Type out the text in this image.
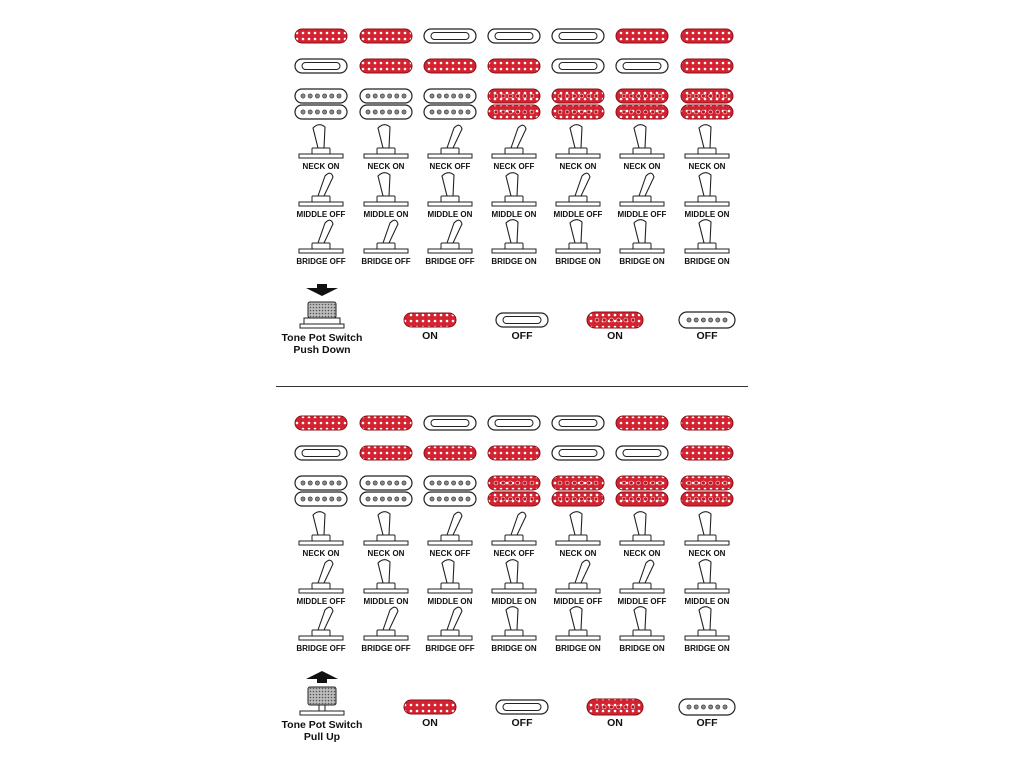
NECK ON	NECK ON	NECK OFF	NECK OFF	NECK ON	NECK ON	NECK ON
MIDDLE OFF MIDDLE ON MIDDLE ON MIDDLE ON MIDDLE OFF MIDDLE OFF MIDDLE ON
BRIDGE OFF BRIDGE OFF BRIDGE OFF BRIDGE ON BRIDGE ON BRIDGE ON BRIDGE ON
Tone Pot Switch
Push Down
ON	OFF	ON	OFF
NECK ON	NECK ON	NECK OFF	NECK OFF	NECK ON	NECK ON	NECK ON
MIDDLE OFF MIDDLE ON MIDDLE ON MIDDLE ON MIDDLE OFF MIDDLE OFF MIDDLE ON
BRIDGE OFF BRIDGE OFF BRIDGE OFF BRIDGE ON BRIDGE ON BRIDGE ON BRIDGE ON
Tone Pot Switch
Pull Up
ON	OFF	ON	OFF
